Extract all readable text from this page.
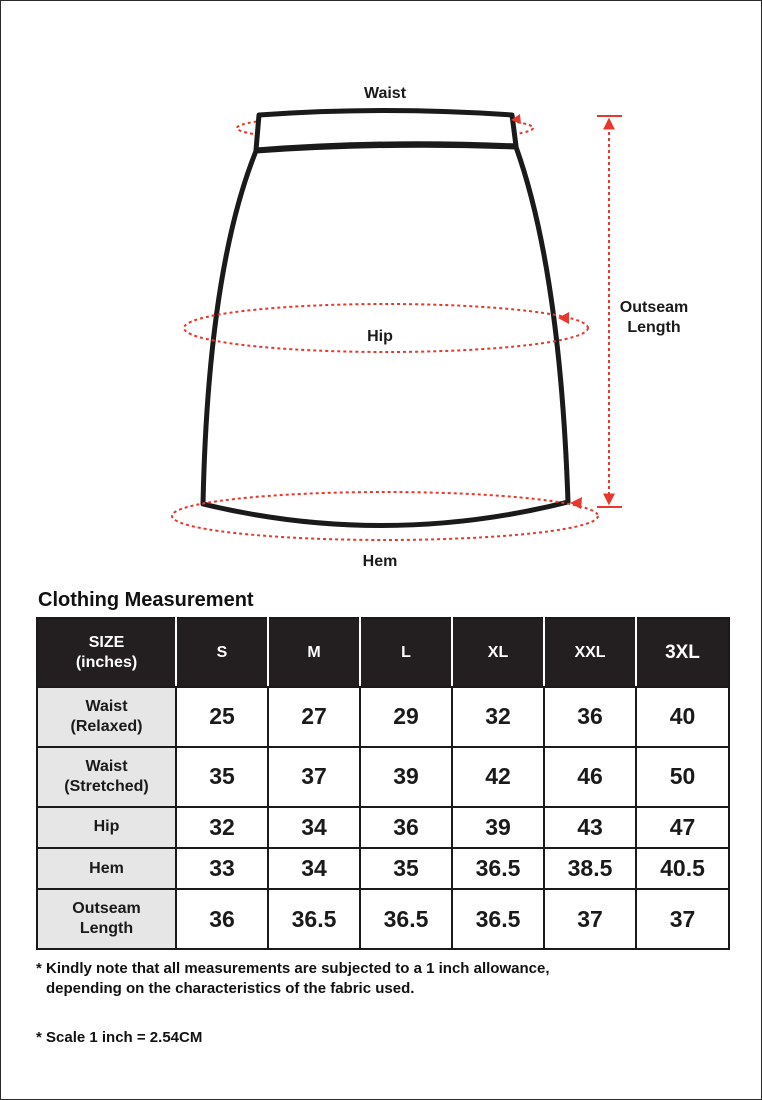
Waist
Hip
Hem
Outseam
Length
Clothing Measurement
SIZE
(inches)	S	M	L	XL	XXL	3XL

Waist
(Relaxed)	25	27	29	32	36	40

Waist
(Stretched)	35	37	39	42	46	50

Hip	32	34	36	39	43	47

Hem	33	34	35	36.5	38.5	40.5

Outseam
Length	36	36.5	36.5	36.5	37	37
* Kindly note that all measurements are subjected to a 1 inch allowance,
depending on the characteristics of the fabric used.
* Scale 1 inch = 2.54CM
